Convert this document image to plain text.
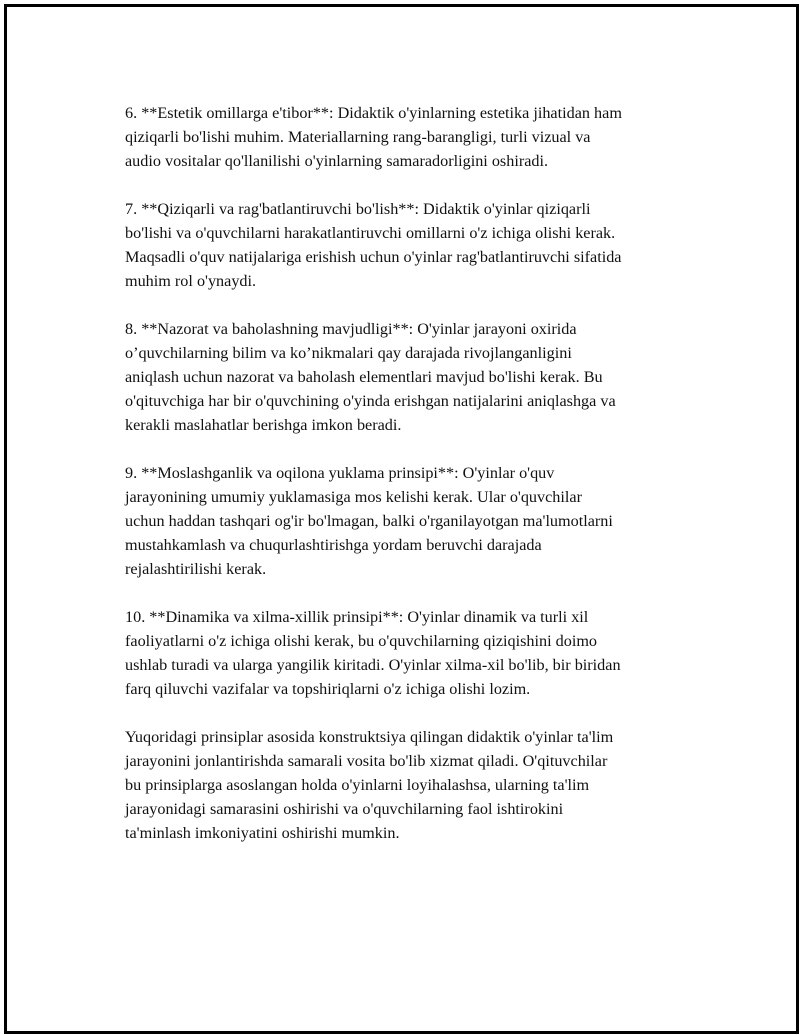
6. **Estetik omillarga e'tibor**: Didaktik o'yinlarning estetika jihatidan ham
qiziqarli bo'lishi muhim. Materiallarning rang-barangligi, turli vizual va
audio vositalar qo'llanilishi o'yinlarning samaradorligini oshiradi.

7. **Qiziqarli va rag'batlantiruvchi bo'lish**: Didaktik o'yinlar qiziqarli
bo'lishi va o'quvchilarni harakatlantiruvchi omillarni o'z ichiga olishi kerak.
Maqsadli o'quv natijalariga erishish uchun o'yinlar rag'batlantiruvchi sifatida
muhim rol o'ynaydi.

8. **Nazorat va baholashning mavjudligi**: O'yinlar jarayoni oxirida
o’quvchilarning bilim va ko’nikmalari qay darajada rivojlanganligini
aniqlash uchun nazorat va baholash elementlari mavjud bo'lishi kerak. Bu
o'qituvchiga har bir o'quvchining o'yinda erishgan natijalarini aniqlashga va
kerakli maslahatlar berishga imkon beradi.

9. **Moslashganlik va oqilona yuklama prinsipi**: O'yinlar o'quv
jarayonining umumiy yuklamasiga mos kelishi kerak. Ular o'quvchilar
uchun haddan tashqari og'ir bo'lmagan, balki o'rganilayotgan ma'lumotlarni
mustahkamlash va chuqurlashtirishga yordam beruvchi darajada
rejalashtirilishi kerak.

10. **Dinamika va xilma-xillik prinsipi**: O'yinlar dinamik va turli xil
faoliyatlarni o'z ichiga olishi kerak, bu o'quvchilarning qiziqishini doimo
ushlab turadi va ularga yangilik kiritadi. O'yinlar xilma-xil bo'lib, bir biridan
farq qiluvchi vazifalar va topshiriqlarni o'z ichiga olishi lozim.

Yuqoridagi prinsiplar asosida konstruktsiya qilingan didaktik o'yinlar ta'lim
jarayonini jonlantirishda samarali vosita bo'lib xizmat qiladi. O'qituvchilar
bu prinsiplarga asoslangan holda o'yinlarni loyihalashsa, ularning ta'lim
jarayonidagi samarasini oshirishi va o'quvchilarning faol ishtirokini
ta'minlash imkoniyatini oshirishi mumkin.
